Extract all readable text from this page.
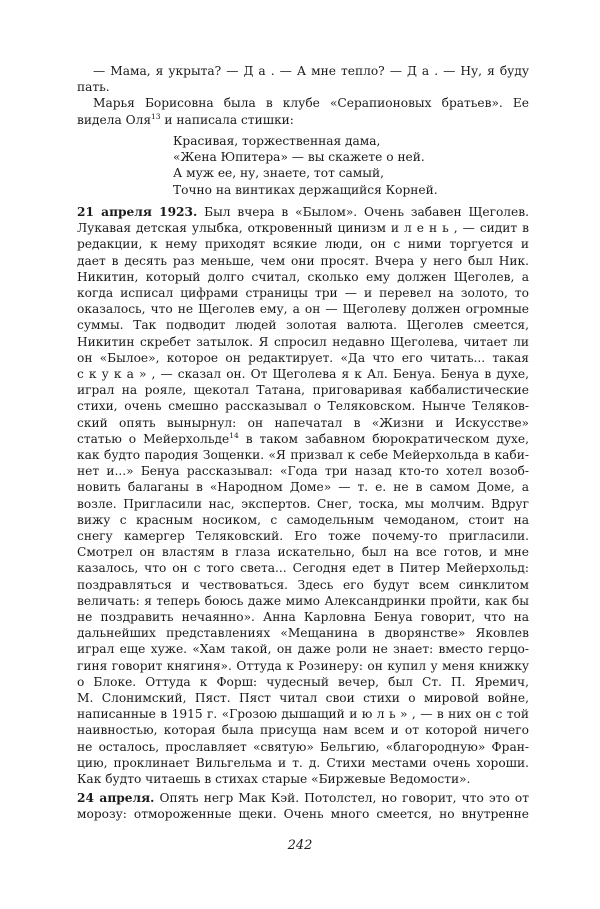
— Мама, я укрыта? — Д а . — А мне тепло? — Д а . — Ну, я буду
пать.
Марья Борисовна была в клубе «Серапионовых братьев». Ее
видела Оля$^{13}$ и написала стишки:
Красивая, торжественная дама,
«Жена Юпитера» — вы скажете о ней.
А муж ее, ну, знаете, тот самый,
Точно на винтиках держащийся Корней.
21 апреля 1923. Был вчера в «Былом». Очень забавен Щеголев.
Лукавая детская улыбка, откровенный цинизм и л е н ь , — сидит в
редакции, к нему приходят всякие люди, он с ними торгуется и
дает в десять раз меньше, чем они просят. Вчера у него был Ник.
Никитин, который долго считал, сколько ему должен Щеголев, а
когда исписал цифрами страницы три — и перевел на золото, то
оказалось, что не Щеголев ему, а он — Щеголеву должен огромные
суммы. Так подводит людей золотая валюта. Щеголев смеется,
Никитин скребет затылок. Я спросил недавно Щеголева, читает ли
он «Былое», которое он редактирует. «Да что его читать... такая
с к у к а » , — сказал он. От Щеголева я к Ал. Бенуа. Бенуа в духе,
играл на рояле, щекотал Татана, приговаривая каббалистические
стихи, очень смешно рассказывал о Теляковском. Нынче Теляков-
ский опять вынырнул: он напечатал в «Жизни и Искусстве»
статью о Мейерхольде$^{14}$ в таком забавном бюрократическом духе,
как будто пародия Зощенки. «Я призвал к себе Мейерхольда в каби-
нет и...» Бенуа рассказывал: «Года три назад кто-то хотел возоб-
новить балаганы в «Народном Доме» — т. е. не в самом Доме, а
возле. Пригласили нас, экспертов. Снег, тоска, мы молчим. Вдруг
вижу с красным носиком, с самодельным чемоданом, стоит на
снегу камергер Теляковский. Его тоже почему-то пригласили.
Смотрел он властям в глаза искательно, был на все готов, и мне
казалось, что он с того света... Сегодня едет в Питер Мейерхольд:
поздравляться и чествоваться. Здесь его будут всем синклитом
величать: я теперь боюсь даже мимо Александринки пройти, как бы
не поздравить нечаянно». Анна Карловна Бенуа говорит, что на
дальнейших представлениях «Мещанина в дворянстве» Яковлев
играл еще хуже. «Хам такой, он даже роли не знает: вместо герцо-
гиня говорит княгиня». Оттуда к Розинеру: он купил у меня книжку
о Блоке. Оттуда к Форш: чудесный вечер, был Ст. П. Яремич,
М. Слонимский, Пяст. Пяст читал свои стихи о мировой войне,
написанные в 1915 г. «Грозою дышащий и ю л ь » , — в них он с той
наивностью, которая была присуща нам всем и от которой ничего
не осталось, прославляет «святую» Бельгию, «благородную» Фран-
цию, проклинает Вильгельма и т. д. Стихи местами очень хороши.
Как будто читаешь в стихах старые «Биржевые Ведомости».
24 апреля. Опять негр Мак Кэй. Потолстел, но говорит, что это от
морозу: отмороженные щеки. Очень много смеется, но внутренне
242
